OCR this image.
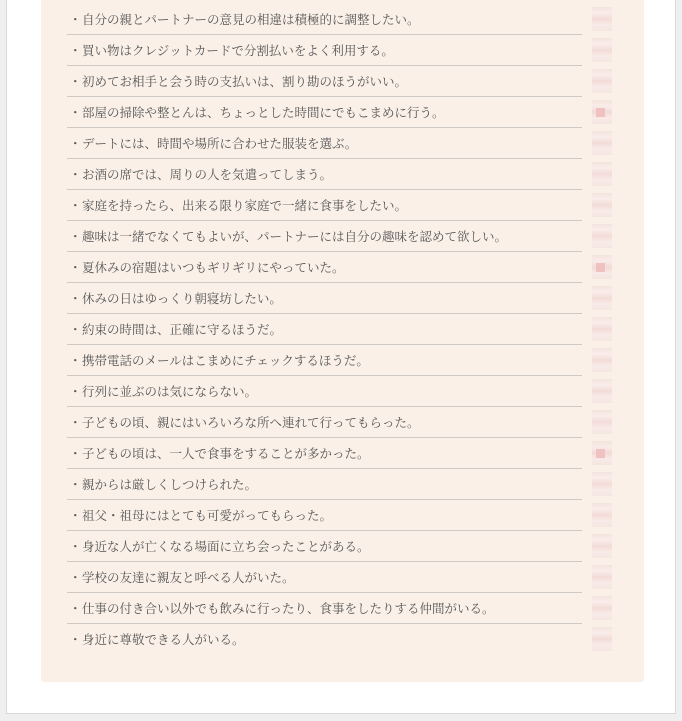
・ 自分の親とパートナーの意見の相違は積極的に調整したい。
・ 買い物はクレジットカードで分割払いをよく利用する。
・ 初めてお相手と会う時の支払いは、割り勘のほうがいい。
・ 部屋の掃除や整とんは、ちょっとした時間にでもこまめに行う。
・ デートには、時間や場所に合わせた服装を選ぶ。
・ お酒の席では、周りの人を気遣ってしまう。
・ 家庭を持ったら、出来る限り家庭で一緒に食事をしたい。
・ 趣味は一緒でなくてもよいが、パートナーには自分の趣味を認めて欲しい。
・ 夏休みの宿題はいつもギリギリにやっていた。
・ 休みの日はゆっくり朝寝坊したい。
・ 約束の時間は、正確に守るほうだ。
・ 携帯電話のメールはこまめにチェックするほうだ。
・ 行列に並ぶのは気にならない。
・ 子どもの頃、親にはいろいろな所へ連れて行ってもらった。
・ 子どもの頃は、一人で食事をすることが多かった。
・ 親からは厳しくしつけられた。
・ 祖父・祖母にはとても可愛がってもらった。
・ 身近な人が亡くなる場面に立ち会ったことがある。
・ 学校の友達に親友と呼べる人がいた。
・ 仕事の付き合い以外でも飲みに行ったり、食事をしたりする仲間がいる。
・ 身近に尊敬できる人がいる。
